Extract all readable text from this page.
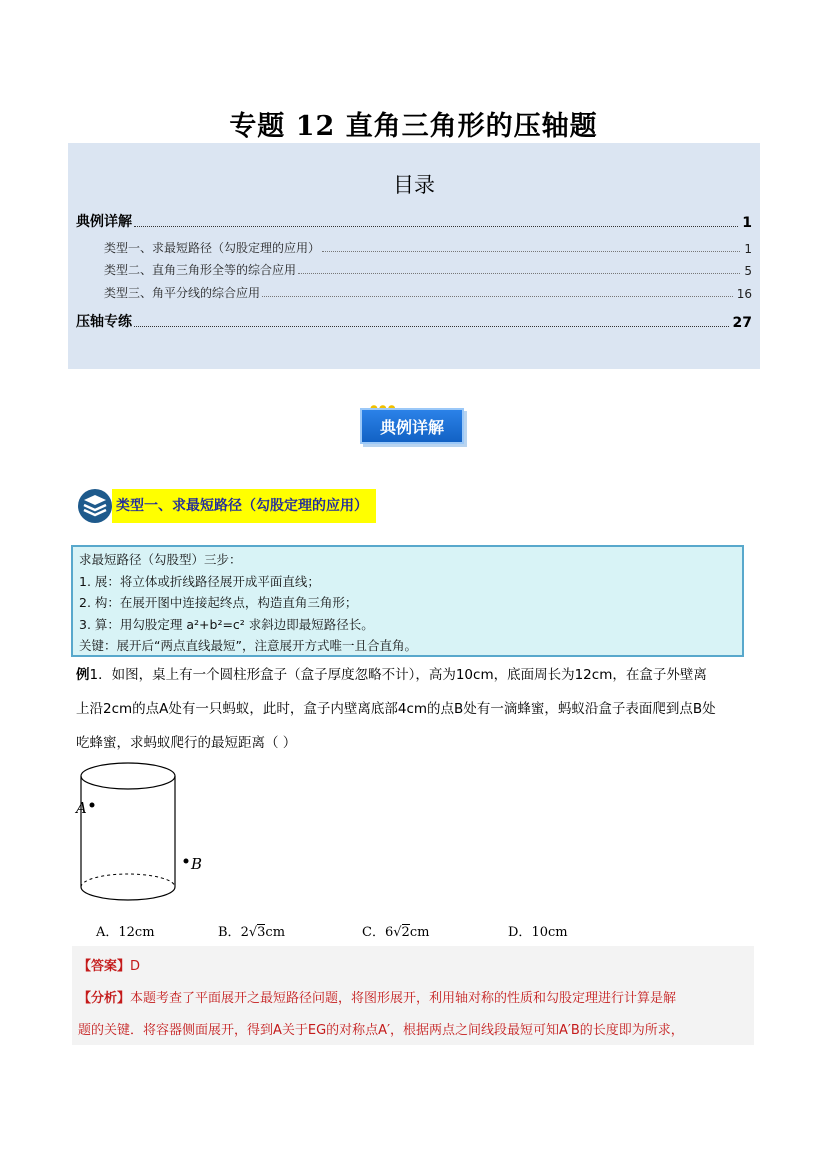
专题 12 直角三角形的压轴题
目录
典例详解	1
类型一、求最短路径（勾股定理的应用）	1
类型二、直角三角形全等的综合应用	5
类型三、角平分线的综合应用	16
压轴专练	27
典例详解
类型一、求最短路径（勾股定理的应用）
求最短路径（勾股型）三步：
1. 展：将立体或折线路径展开成平面直线；
2. 构：在展开图中连接起终点，构造直角三角形；
3. 算：用勾股定理 a²+b²=c² 求斜边即最短路径长。
关键：展开后“两点直线最短”，注意展开方式唯一且合直角。
例1．如图，桌上有一个圆柱形盒子（盒子厚度忽略不计），高为10cm，底面周长为12cm，在盒子外壁离
上沿2cm的点A处有一只蚂蚁，此时，盒子内壁离底部4cm的点B处有一滴蜂蜜，蚂蚁沿盒子表面爬到点B处
吃蜂蜜，求蚂蚁爬行的最短距离（ ）
A
B
A．12cm	B．2√3cm	C．6√2cm	D．10cm
【答案】D
【分析】本题考查了平面展开之最短路径问题，将图形展开，利用轴对称的性质和勾股定理进行计算是解
题的关键．将容器侧面展开，得到A关于EG的对称点A′，根据两点之间线段最短可知A′B的长度即为所求，
